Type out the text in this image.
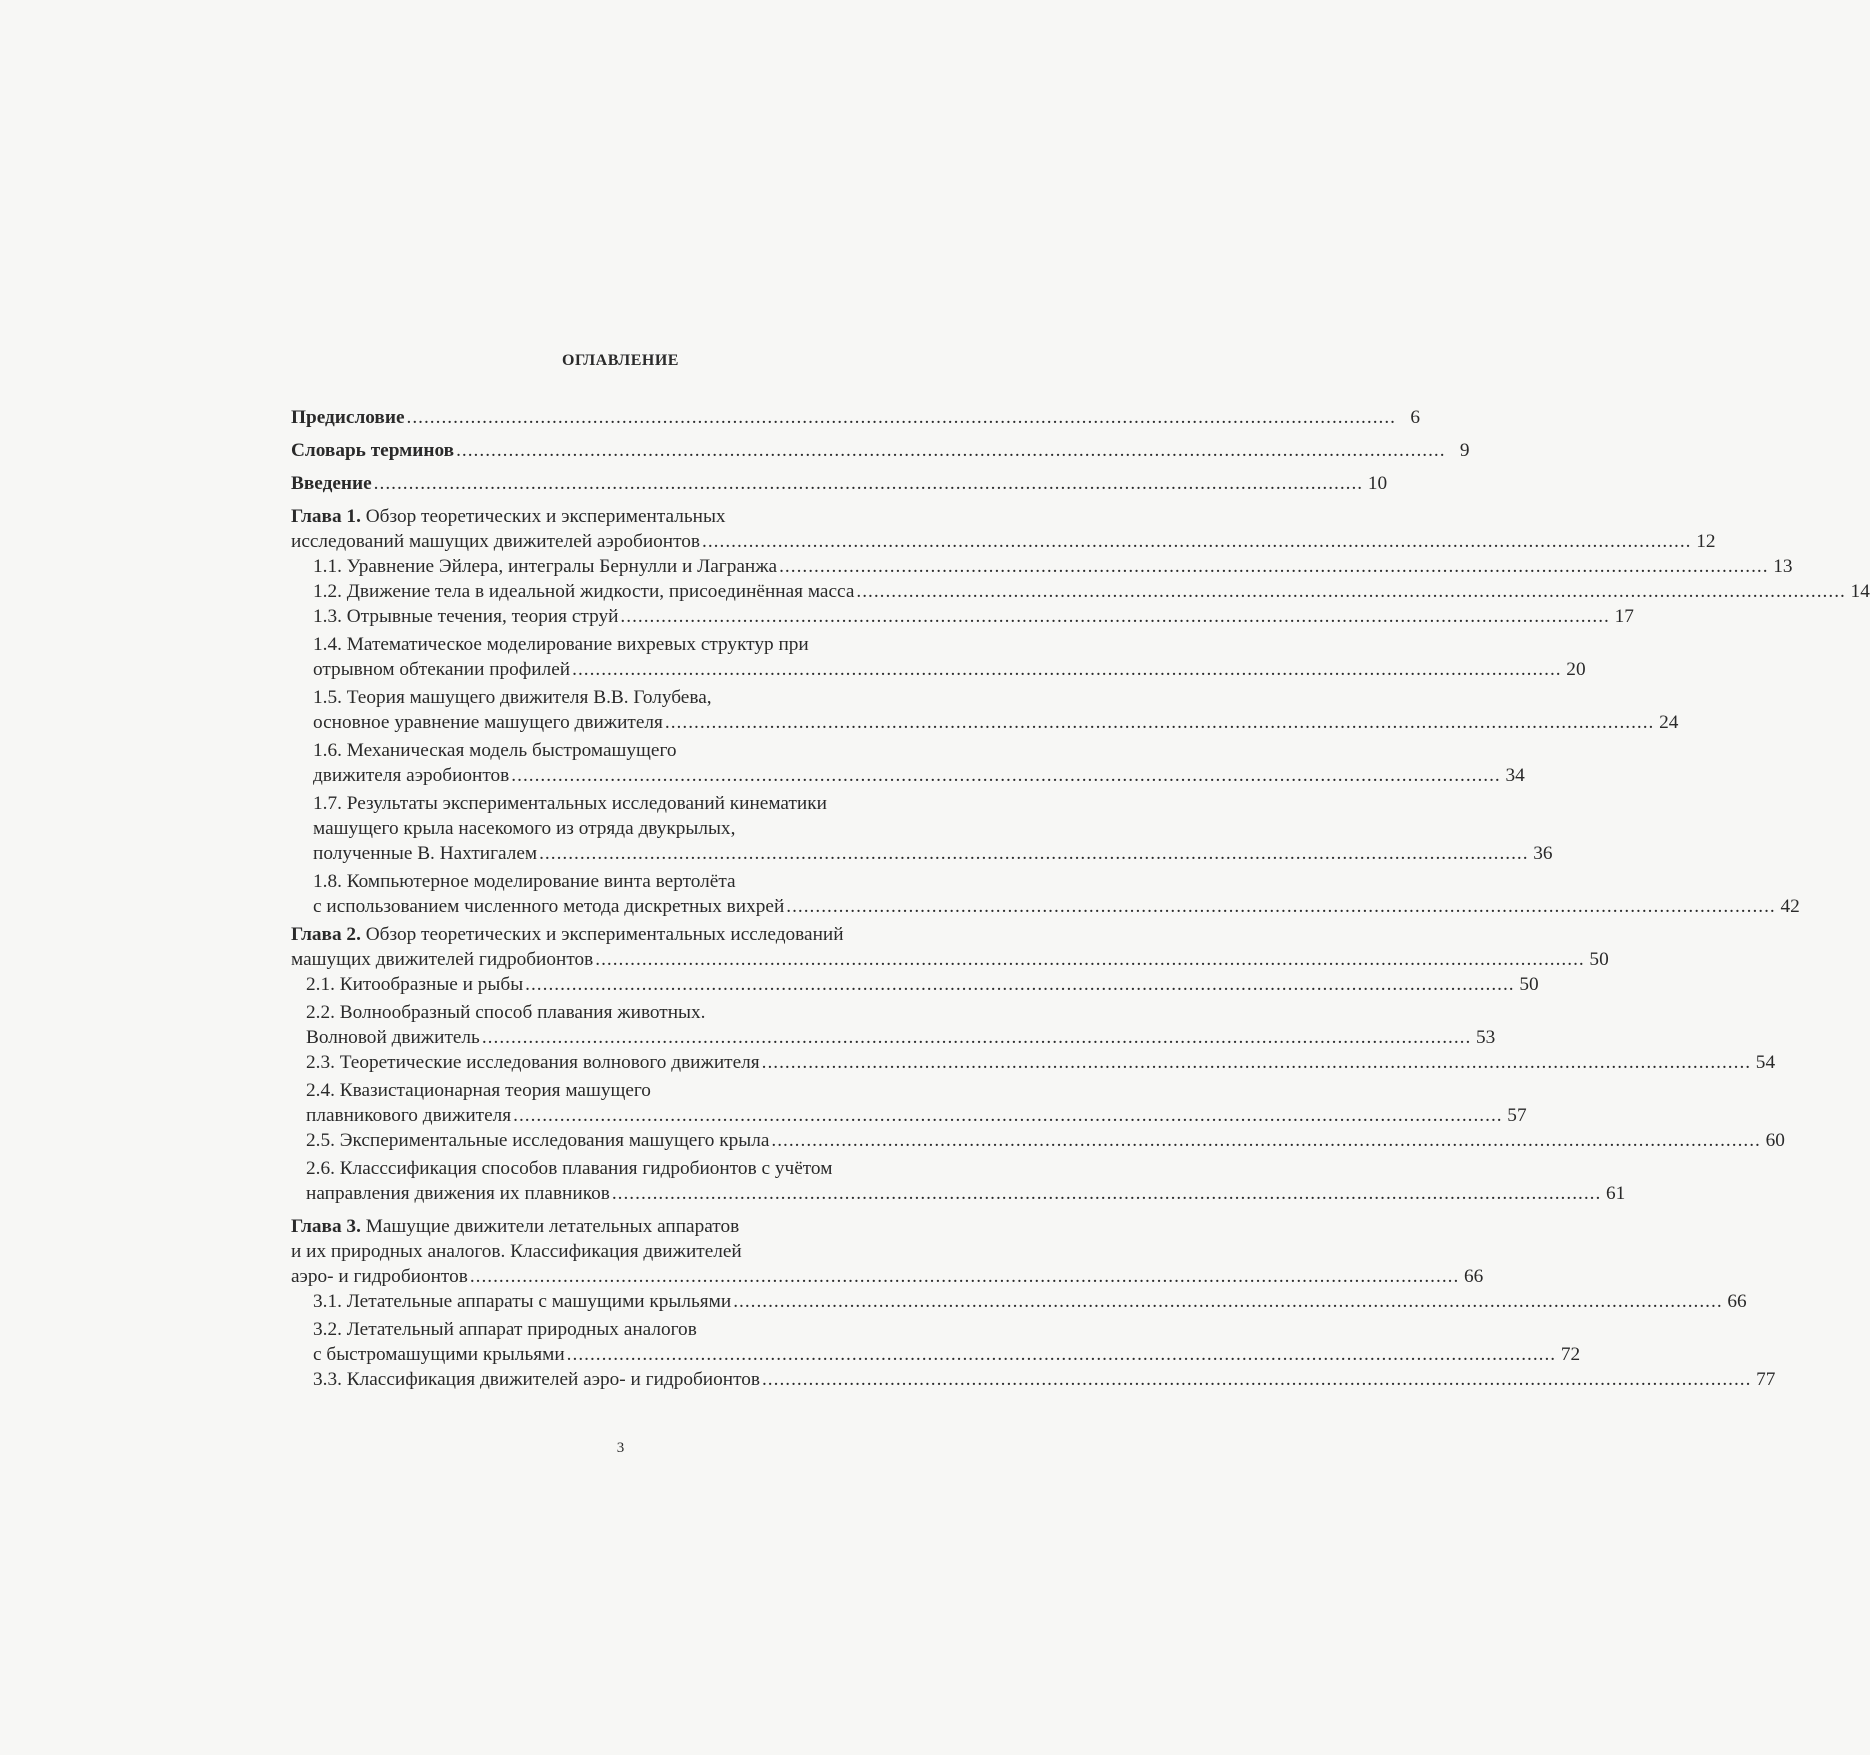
ОГЛАВЛЕНИЕ
Предисловие .......................................................................................................................................................................... 6
Словарь терминов .......................................................................................................................................................................... 9
Введение .......................................................................................................................................................................... 10
Глава 1. Обзор теоретических и экспериментальных
исследований машущих движителей аэробионтов .......................................................................................................................................................................... 12
1.1. Уравнение Эйлера, интегралы Бернулли и Лагранжа .......................................................................................................................................................................... 13
1.2. Движение тела в идеальной жидкости, присоединённая масса .......................................................................................................................................................................... 14
1.3. Отрывные течения, теория струй .......................................................................................................................................................................... 17
1.4. Математическое моделирование вихревых структур при
отрывном обтекании профилей .......................................................................................................................................................................... 20
1.5. Теория машущего движителя В.В. Голубева,
основное уравнение машущего движителя .......................................................................................................................................................................... 24
1.6. Механическая модель быстромашущего
движителя аэробионтов .......................................................................................................................................................................... 34
1.7. Результаты экспериментальных исследований кинематики
машущего крыла насекомого из отряда двукрылых,
полученные В. Нахтигалем .......................................................................................................................................................................... 36
1.8. Компьютерное моделирование винта вертолёта
с использованием численного метода дискретных вихрей .......................................................................................................................................................................... 42
Глава 2. Обзор теоретических и экспериментальных исследований
машущих движителей гидробионтов .......................................................................................................................................................................... 50
2.1. Китообразные и рыбы .......................................................................................................................................................................... 50
2.2. Волнообразный способ плавания животных.
Волновой движитель .......................................................................................................................................................................... 53
2.3. Теоретические исследования волнового движителя .......................................................................................................................................................................... 54
2.4. Квазистационарная теория машущего
плавникового движителя .......................................................................................................................................................................... 57
2.5. Экспериментальные исследования машущего крыла .......................................................................................................................................................................... 60
2.6. Класссификация способов плавания гидробионтов с учётом
направления движения их плавников .......................................................................................................................................................................... 61
Глава 3. Машущие движители летательных аппаратов
и их природных аналогов. Классификация движителей
аэро- и гидробионтов .......................................................................................................................................................................... 66
3.1. Летательные аппараты с машущими крыльями .......................................................................................................................................................................... 66
3.2. Летательный аппарат природных аналогов
с быстромашущими крыльями .......................................................................................................................................................................... 72
3.3. Классификация движителей аэро- и гидробионтов .......................................................................................................................................................................... 77
3
